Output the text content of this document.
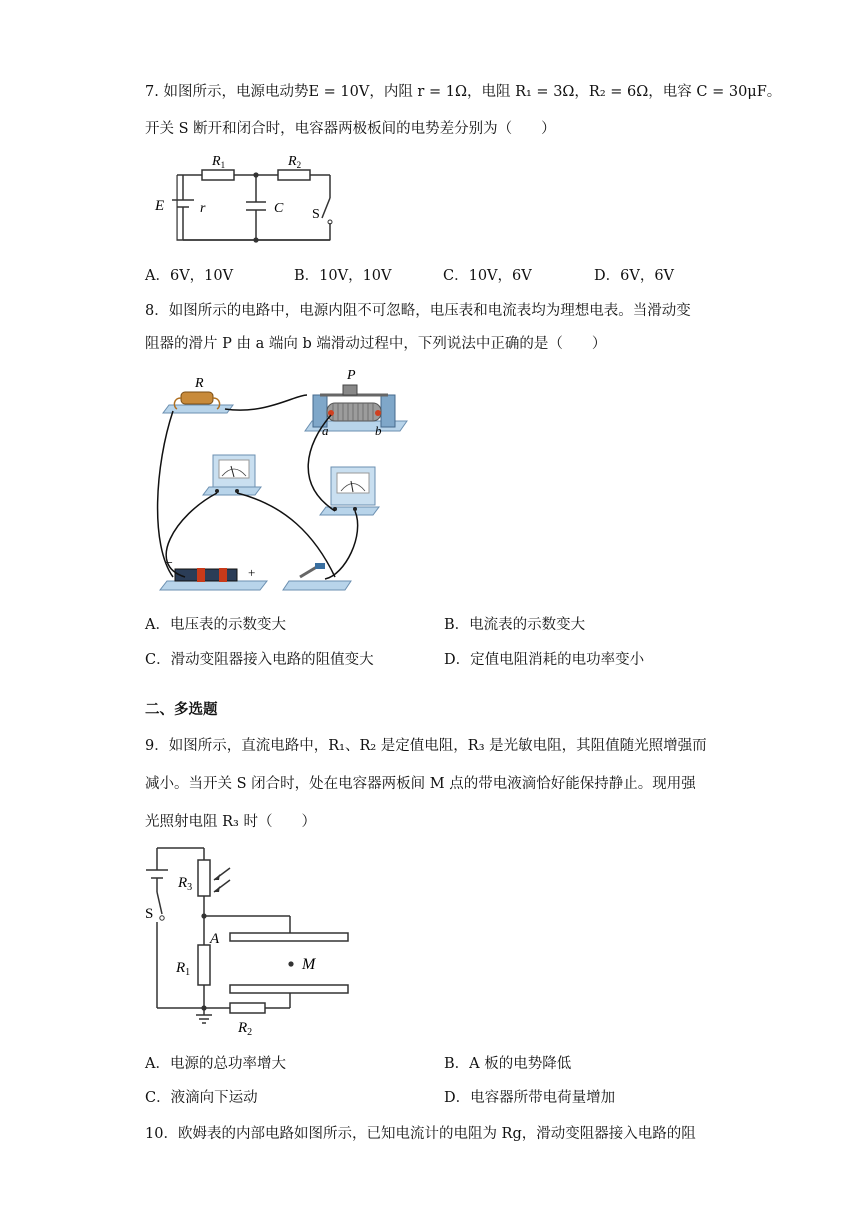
7. 如图所示，电源电动势E = 10V，内阻 r = 1Ω，电阻 R₁ = 3Ω，R₂ = 6Ω，电容 C = 30μF。
开关 S 断开和闭合时，电容器两极板间的电势差分别为（　　）
$R_1$	$R_2$
E	r	C S
A．6V，10V	B．10V，10V	C．10V，6V	D．6V，6V
8．如图所示的电路中，电源内阻不可忽略，电压表和电流表均为理想电表。当滑动变
阻器的滑片 P 由 a 端向 b 端滑动过程中，下列说法中正确的是（　　）
R
P
a	b
−
+
A．电压表的示数变大	B．电流表的示数变大
C．滑动变阻器接入电路的阻值变大	D．定值电阻消耗的电功率变小
二、多选题
9．如图所示，直流电路中，R₁、R₂ 是定值电阻，R₃ 是光敏电阻，其阻值随光照增强而
减小。当开关 S 闭合时，处在电容器两板间 M 点的带电液滴恰好能保持静止。现用强
光照射电阻 R₃ 时（　　）
$R_3$
S
A
$R_1$	M
$R_2$
A．电源的总功率增大	B．A 板的电势降低
C．液滴向下运动	D．电容器所带电荷量增加
10．欧姆表的内部电路如图所示，已知电流计的电阻为 Rg，滑动变阻器接入电路的阻
